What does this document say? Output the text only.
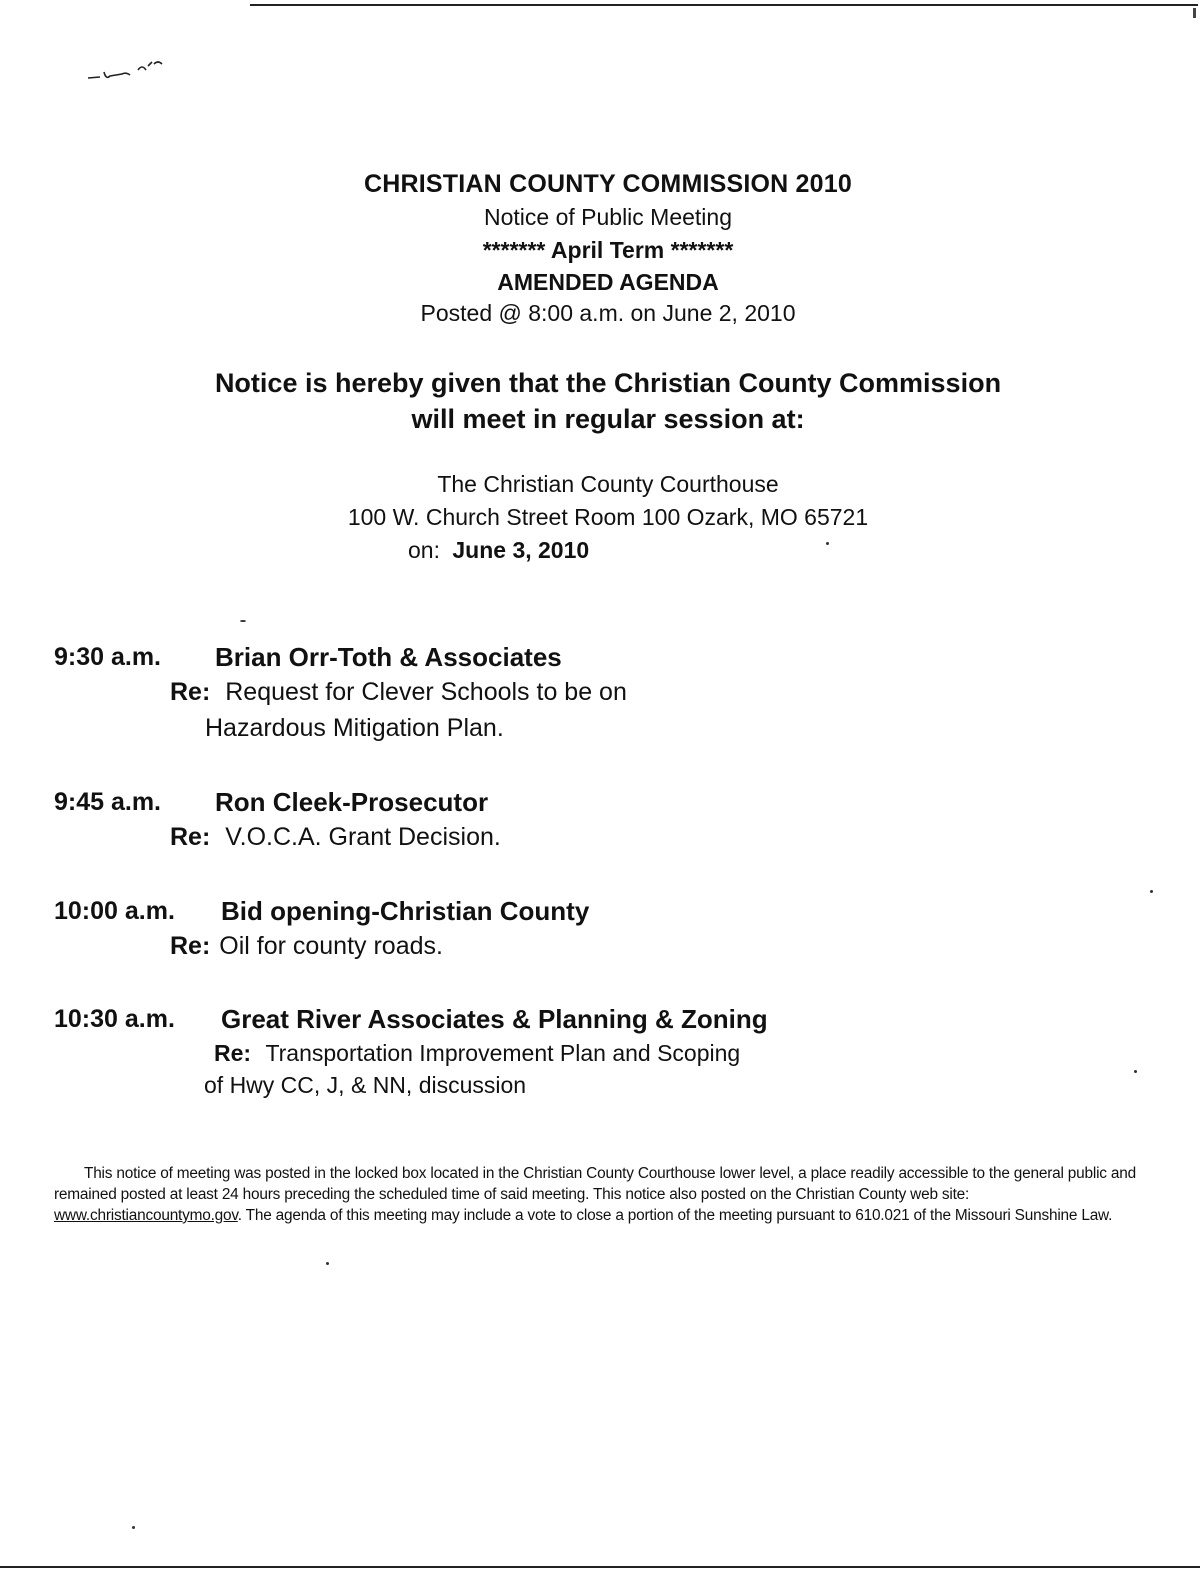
CHRISTIAN COUNTY COMMISSION 2010
Notice of Public Meeting
******* April Term *******
AMENDED AGENDA
Posted @ 8:00 a.m. on June 2, 2010
Notice is hereby given that the Christian County Commission
will meet in regular session at:
The Christian County Courthouse
100 W. Church Street Room 100 Ozark, MO 65721
on: June 3, 2010
9:30 a.m. Brian Orr-Toth & Associates
Re: Request for Clever Schools to be on
Hazardous Mitigation Plan.
9:45 a.m. Ron Cleek-Prosecutor
Re: V.O.C.A. Grant Decision.
10:00 a.m. Bid opening-Christian County
Re: Oil for county roads.
10:30 a.m. Great River Associates & Planning & Zoning
Re: Transportation Improvement Plan and Scoping
of Hwy CC, J, & NN, discussion
This notice of meeting was posted in the locked box located in the Christian County Courthouse lower level, a place readily accessible to the general public and remained posted at least 24 hours preceding the scheduled time of said meeting. This notice also posted on the Christian County web site: www.christiancountymo.gov. The agenda of this meeting may include a vote to close a portion of the meeting pursuant to 610.021 of the Missouri Sunshine Law.
